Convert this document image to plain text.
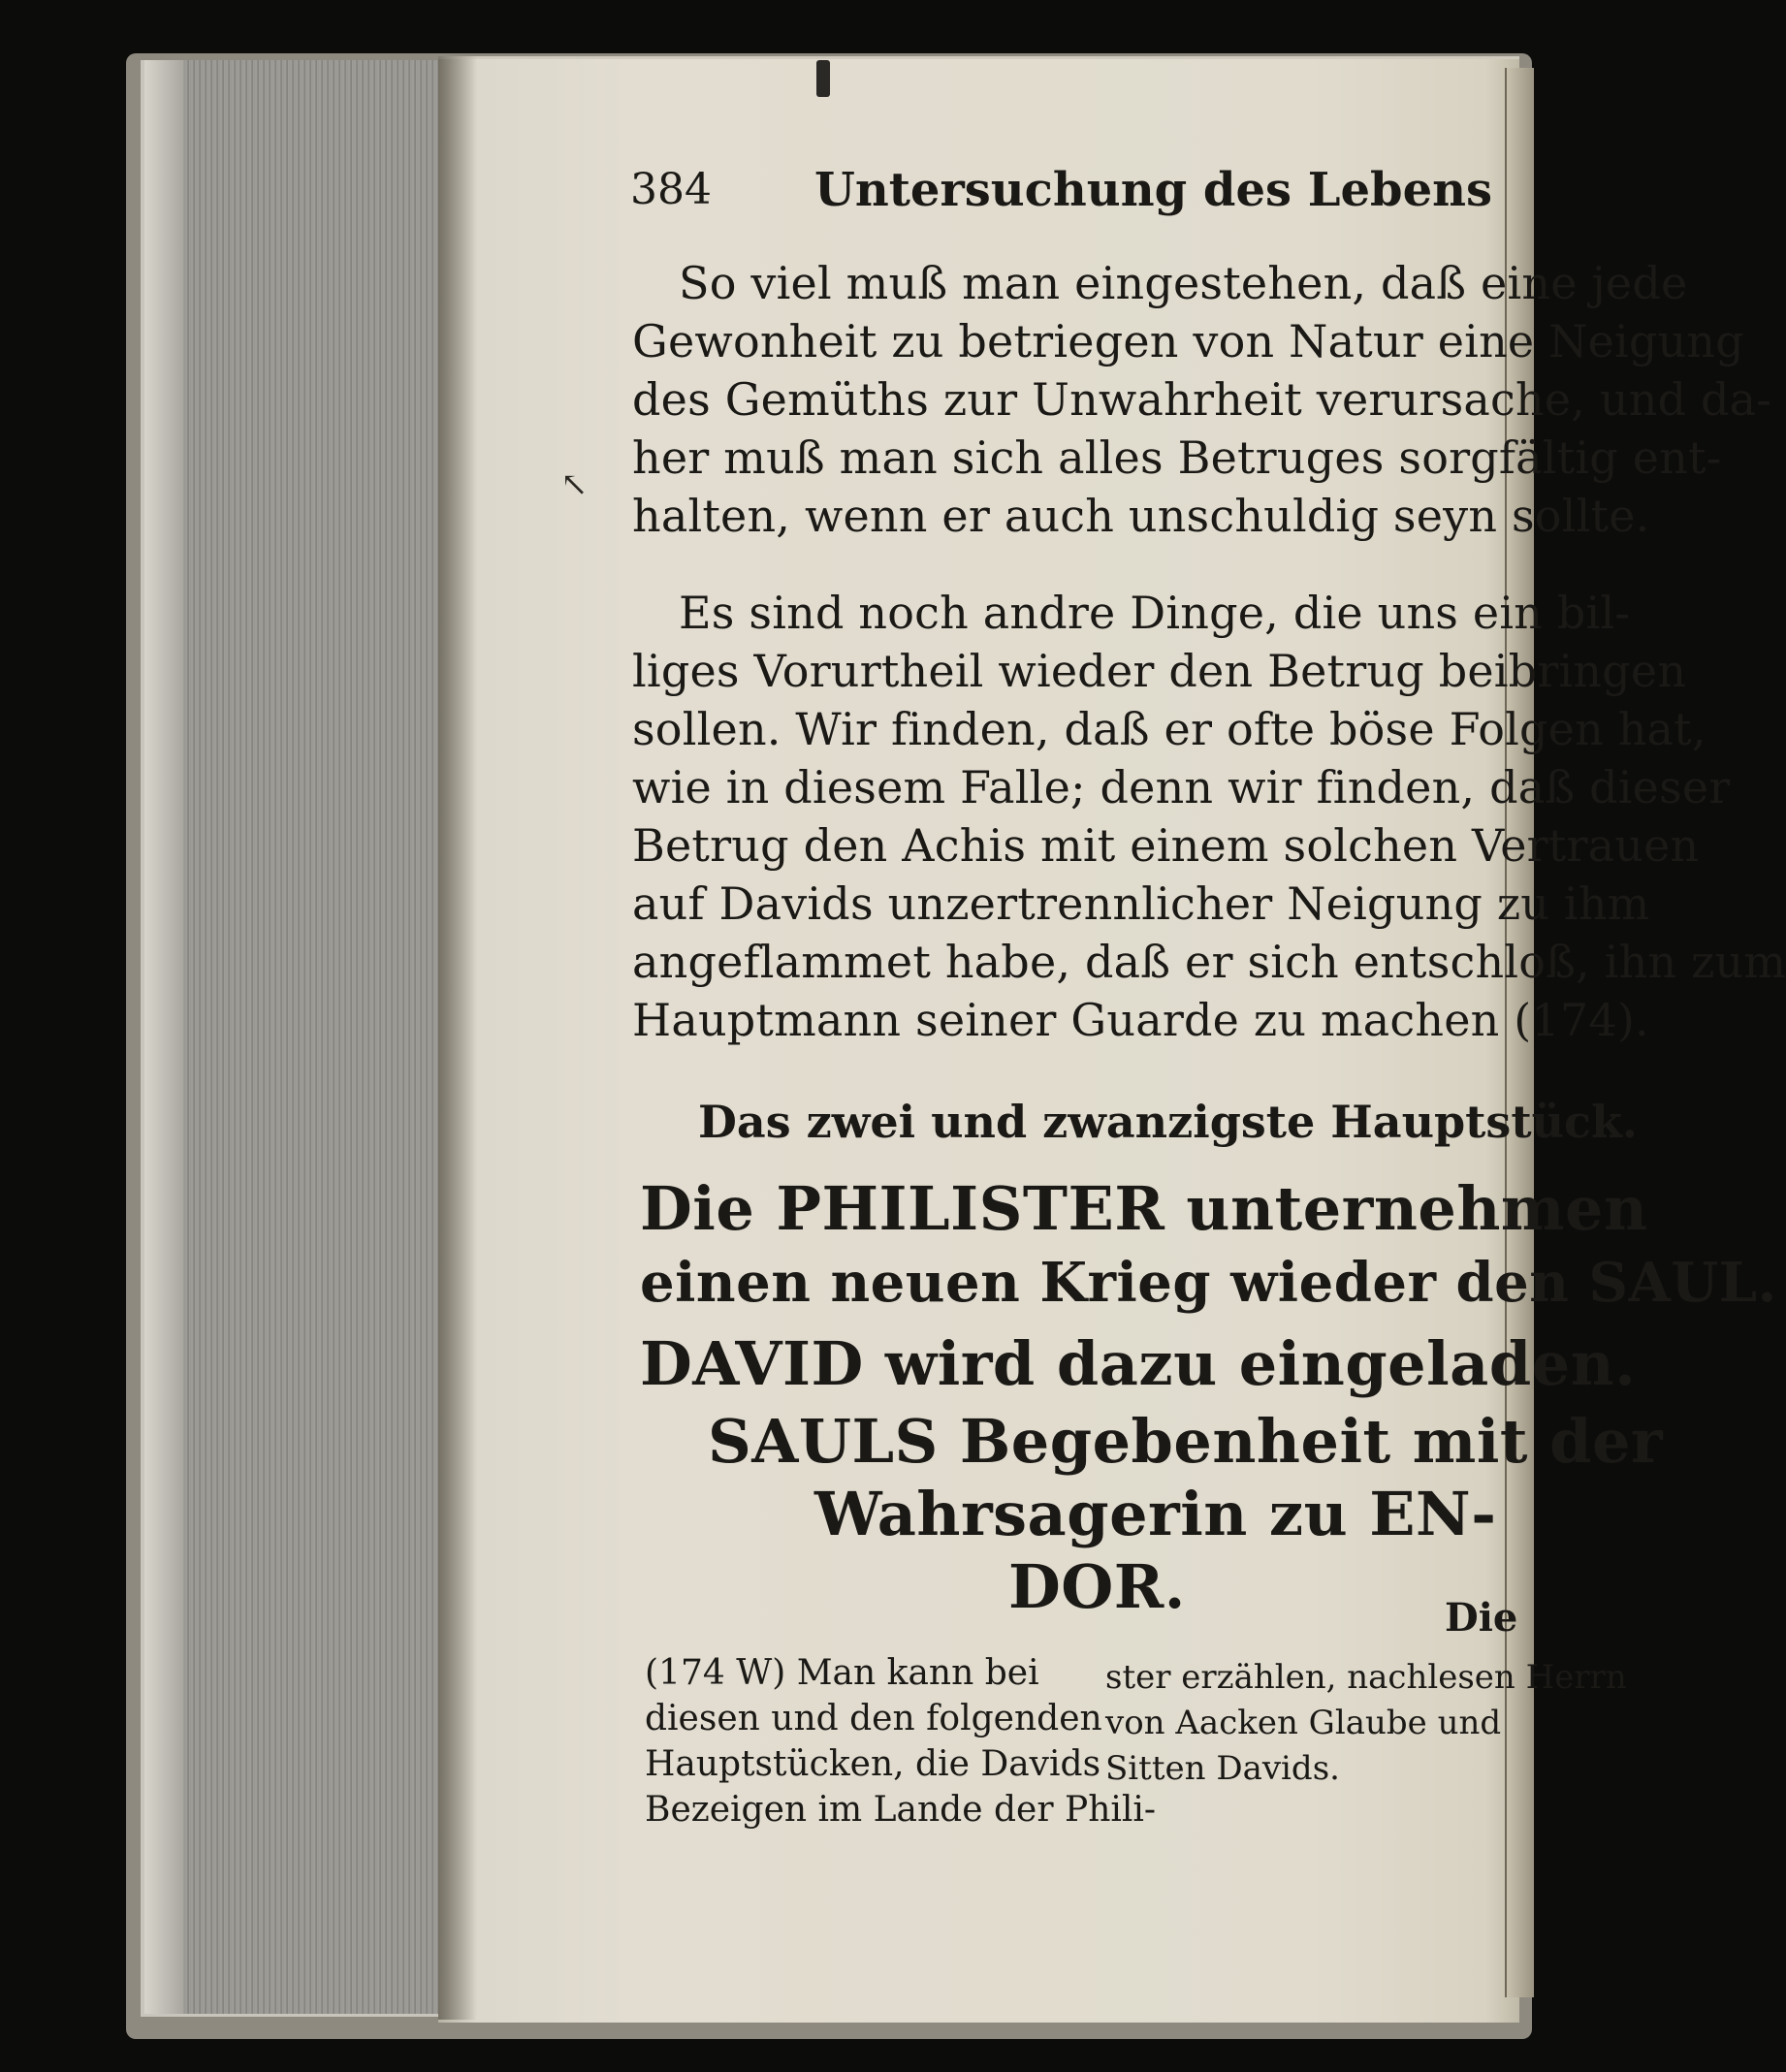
↖
384 Untersuchung des Lebens
So viel muß man eingestehen, daß eine jede
Gewonheit zu betriegen von Natur eine Neigung
des Gemüths zur Unwahrheit verursache, und da-
her muß man sich alles Betruges sorgfältig ent-
halten, wenn er auch unschuldig seyn sollte.
Es sind noch andre Dinge, die uns ein bil-
liges Vorurtheil wieder den Betrug beibringen
sollen. Wir finden, daß er ofte böse Folgen hat,
wie in diesem Falle; denn wir finden, daß dieser
Betrug den Achis mit einem solchen Vertrauen
auf Davids unzertrennlicher Neigung zu ihm
angeflammet habe, daß er sich entschloß, ihn zum
Hauptmann seiner Guarde zu machen (174).
Das zwei und zwanzigste Hauptstück.
Die PHILISTER unternehmen
einen neuen Krieg wieder den SAUL.
DAVID wird dazu eingeladen.
SAULS Begebenheit mit der
Wahrsagerin zu EN-
DOR.	Die
(174 W) Man kann bei
diesen und den folgenden
Hauptstücken, die Davids
Bezeigen im Lande der Phili-
ster erzählen, nachlesen Herrn
von Aacken Glaube und
Sitten Davids.
